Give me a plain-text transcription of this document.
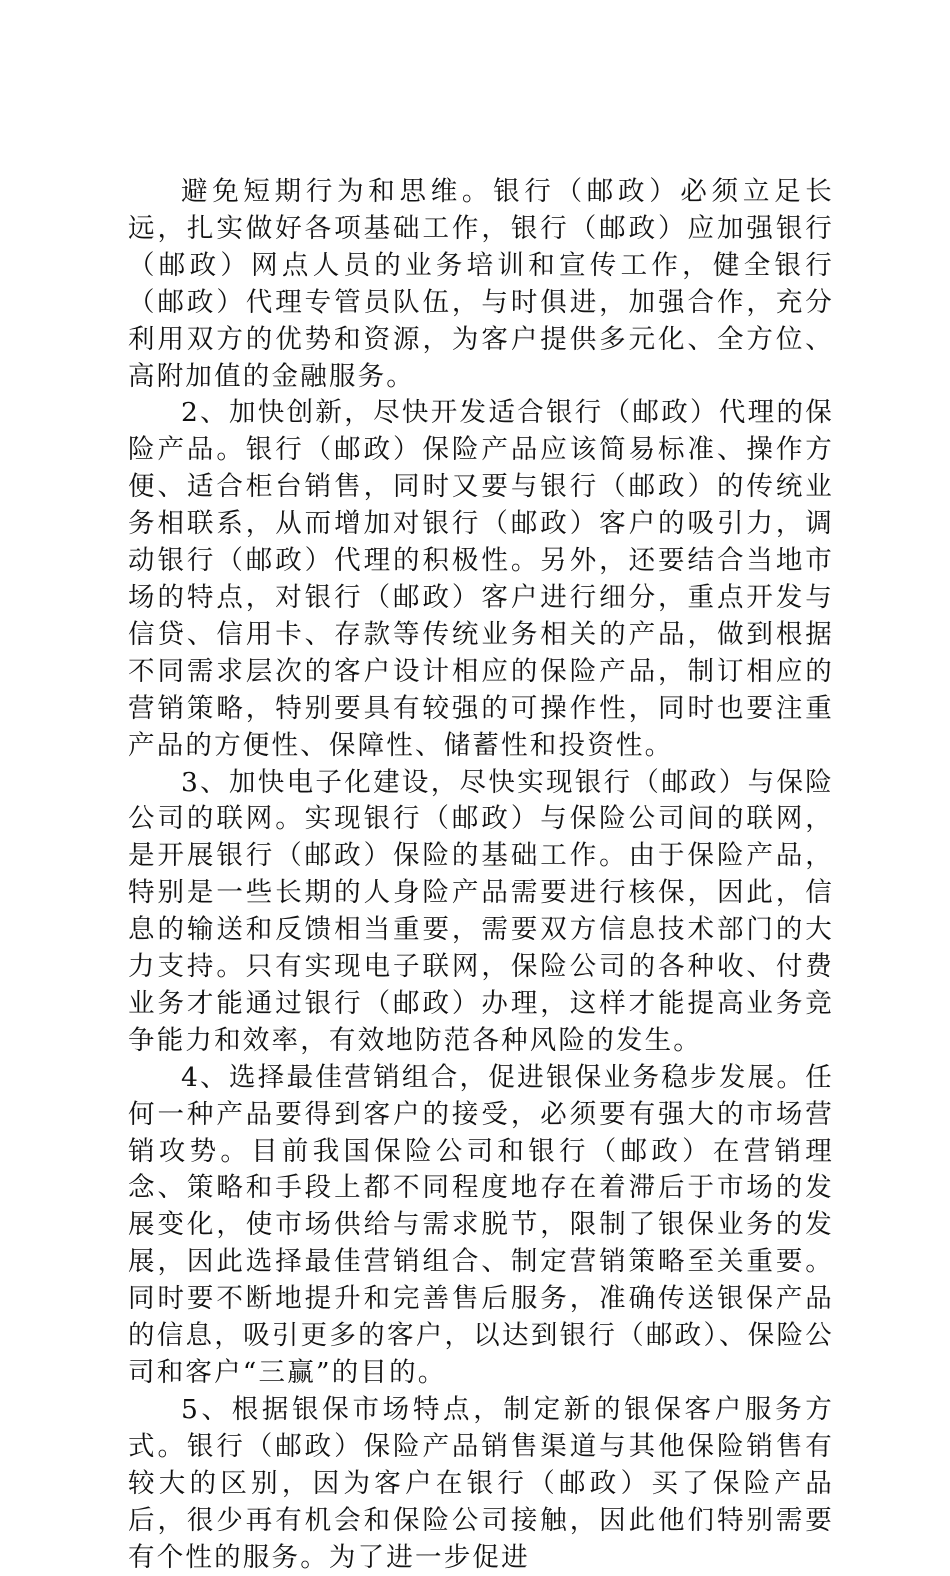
避免短期行为和思维。银行（邮政）必须立足长远，扎实做好各项基础工作，银行（邮政）应加强银行（邮政）网点人员的业务培训和宣传工作，健全银行（邮政）代理专管员队伍，与时俱进，加强合作，充分利用双方的优势和资源，为客户提供多元化、全方位、高附加值的金融服务。

2、加快创新，尽快开发适合银行（邮政）代理的保险产品。银行（邮政）保险产品应该简易标准、操作方便、适合柜台销售，同时又要与银行（邮政）的传统业务相联系，从而增加对银行（邮政）客户的吸引力，调动银行（邮政）代理的积极性。另外，还要结合当地市场的特点，对银行（邮政）客户进行细分，重点开发与信贷、信用卡、存款等传统业务相关的产品，做到根据不同需求层次的客户设计相应的保险产品，制订相应的营销策略，特别要具有较强的可操作性，同时也要注重产品的方便性、保障性、储蓄性和投资性。

3、加快电子化建设，尽快实现银行（邮政）与保险公司的联网。实现银行（邮政）与保险公司间的联网，是开展银行（邮政）保险的基础工作。由于保险产品，特别是一些长期的人身险产品需要进行核保，因此，信息的输送和反馈相当重要，需要双方信息技术部门的大力支持。只有实现电子联网，保险公司的各种收、付费业务才能通过银行（邮政）办理，这样才能提高业务竞争能力和效率，有效地防范各种风险的发生。

4、选择最佳营销组合，促进银保业务稳步发展。任何一种产品要得到客户的接受，必须要有强大的市场营销攻势。目前我国保险公司和银行（邮政）在营销理念、策略和手段上都不同程度地存在着滞后于市场的发展变化，使市场供给与需求脱节，限制了银保业务的发展，因此选择最佳营销组合、制定营销策略至关重要。同时要不断地提升和完善售后服务，准确传送银保产品的信息，吸引更多的客户，以达到银行（邮政）、保险公司和客户“三赢”的目的。

5、根据银保市场特点，制定新的银保客户服务方式。银行（邮政）保险产品销售渠道与其他保险销售有较大的区别，因为客户在银行（邮政）买了保险产品后，很少再有机会和保险公司接触，因此他们特别需要有个性的服务。为了进一步促进
